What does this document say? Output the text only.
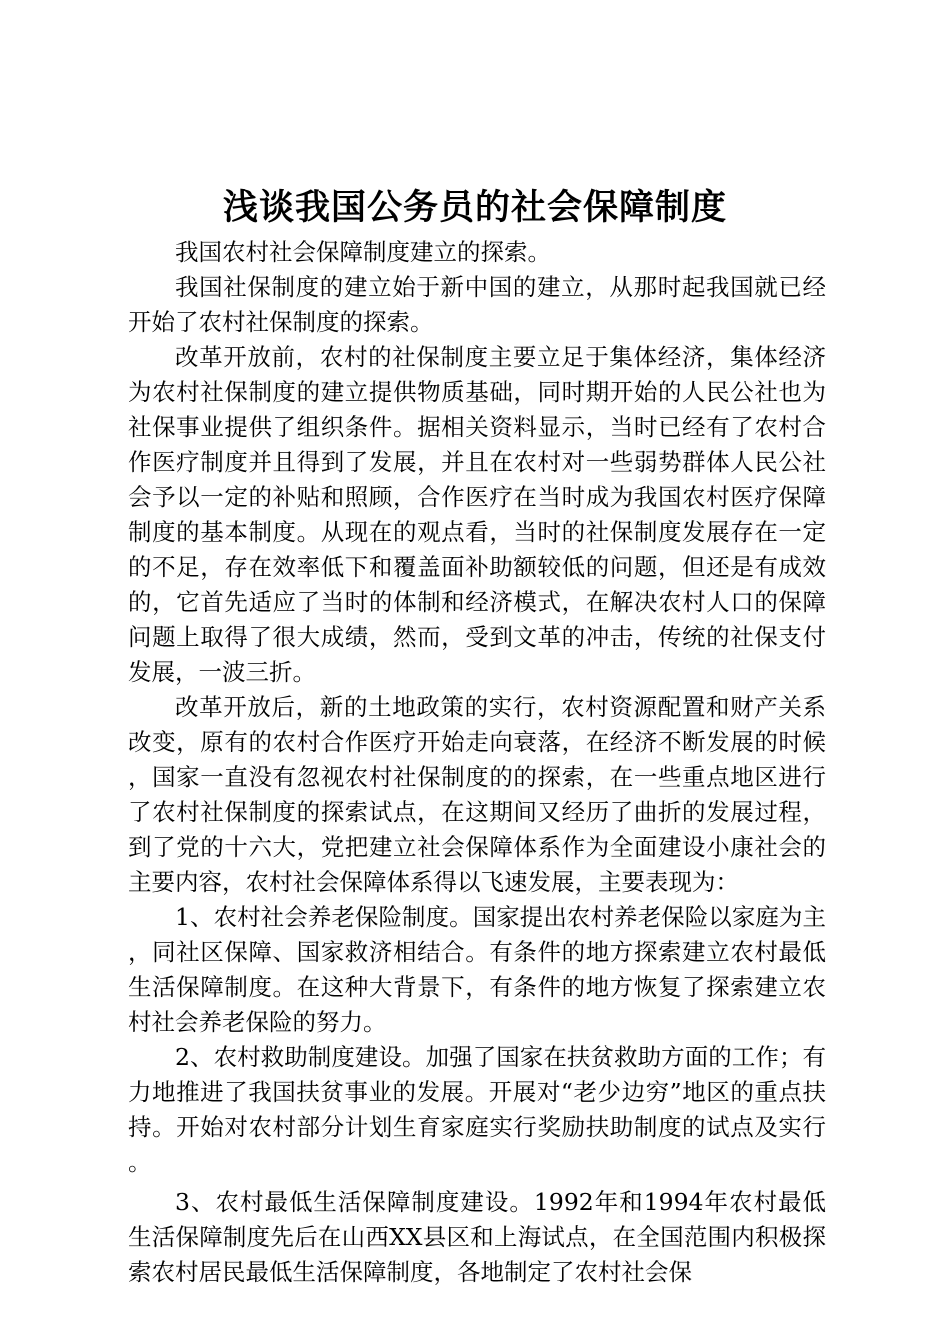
浅谈我国公务员的社会保障制度

我国农村社会保障制度建立的探索。

我国社保制度的建立始于新中国的建立，从那时起我国就已经开始了农村社保制度的探索。

改革开放前，农村的社保制度主要立足于集体经济，集体经济为农村社保制度的建立提供物质基础，同时期开始的人民公社也为社保事业提供了组织条件。据相关资料显示，当时已经有了农村合作医疗制度并且得到了发展，并且在农村对一些弱势群体人民公社会予以一定的补贴和照顾，合作医疗在当时成为我国农村医疗保障制度的基本制度。从现在的观点看，当时的社保制度发展存在一定的不足，存在效率低下和覆盖面补助额较低的问题，但还是有成效的，它首先适应了当时的体制和经济模式，在解决农村人口的保障问题上取得了很大成绩，然而，受到文革的冲击，传统的社保支付发展，一波三折。

改革开放后，新的土地政策的实行，农村资源配置和财产关系改变，原有的农村合作医疗开始走向衰落，在经济不断发展的时候，国家一直没有忽视农村社保制度的的探索，在一些重点地区进行了农村社保制度的探索试点，在这期间又经历了曲折的发展过程，到了党的十六大，党把建立社会保障体系作为全面建设小康社会的主要内容，农村社会保障体系得以飞速发展，主要表现为：

1、农村社会养老保险制度。国家提出农村养老保险以家庭为主，同社区保障、国家救济相结合。有条件的地方探索建立农村最低生活保障制度。在这种大背景下，有条件的地方恢复了探索建立农村社会养老保险的努力。

2、农村救助制度建设。加强了国家在扶贫救助方面的工作；有力地推进了我国扶贫事业的发展。开展对“老少边穷”地区的重点扶持。开始对农村部分计划生育家庭实行奖励扶助制度的试点及实行。

3、农村最低生活保障制度建设。1992年和1994年农村最低生活保障制度先后在山西XX县区和上海试点，在全国范围内积极探索农村居民最低生活保障制度，各地制定了农村社会保
